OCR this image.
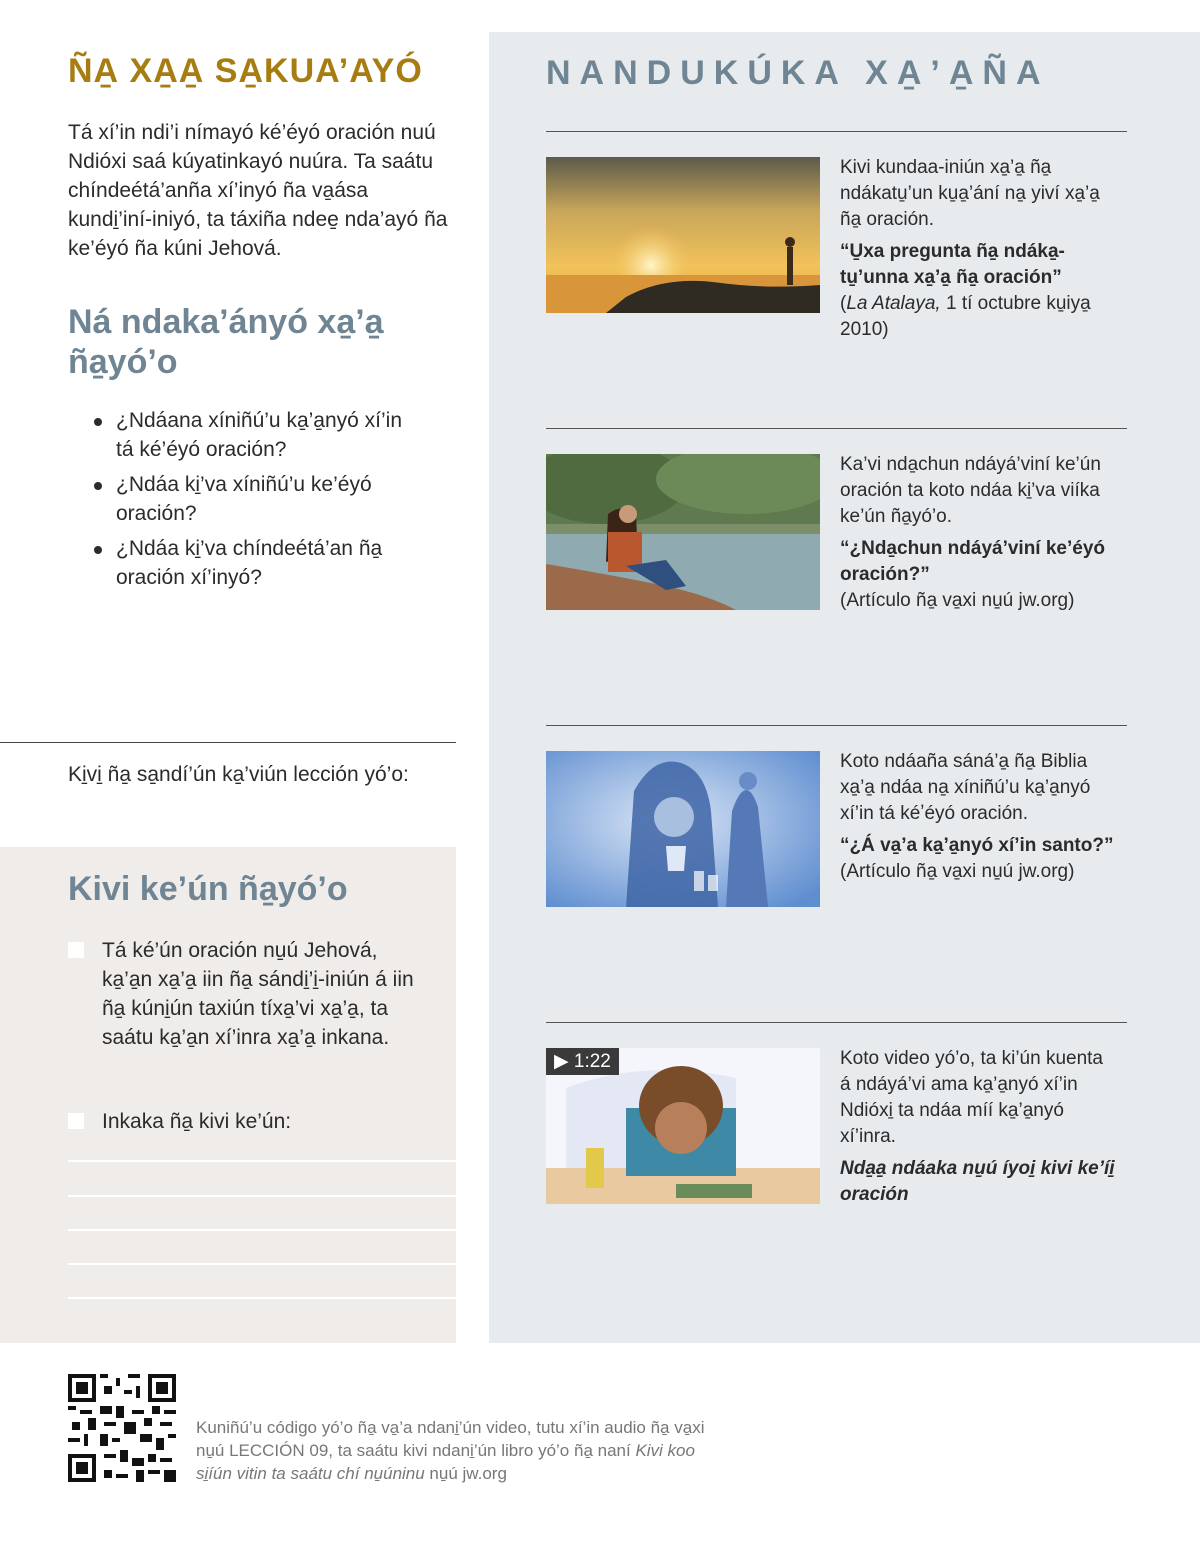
ÑA̱ XA̱A̱ SA̱KUA’AYÓ

Tá xí’in ndi’i nímayó ké’éyó oración nuú Ndióxi saá kúyatinkayó nuúra. Ta saátu chíndeétá’anña xí’inyó ña va̱ása kundi̱’iní-iniyó, ta táxiña ndee̱ nda’ayó ña ke’éyó ña kúni Jehová.

Ná ndaka’ányó xa̱’a̱ ña̱yó’o
¿Ndáana xíniñú’u ka̱’a̱nyó xí’in tá ké’éyó oración?
¿Ndáa ki̱’va xíniñú’u ke’éyó oración?
¿Ndáa ki̱’va chíndeétá’an ña̱ oración xí’inyó?

Ki̱vi̱ ña̱ sa̱ndí’ún ka̱’viún lección yó’o:

Kivi ke’ún ña̱yó’o
Tá ké’ún oración nu̱ú Jehová, ka̱’a̱n xa̱’a̱ iin ña̱ sándi̱’i̱-iniún á iin ña̱ kúni̱ún taxiún tíxa̱’vi xa̱’a̱, ta saátu ka̱’a̱n xí’inra xa̱’a̱ inkana.
Inkaka ña̱ kivi ke’ún:
NANDUKÚKA XA̱’A̱ÑA
Kivi kundaa-iniún xa̱’a̱ ña̱ ndákatu̱’un ku̱a̱’ání na̱ yiví xa̱’a̱ ña̱ oración.
“U̱xa pregunta ña̱ ndáka̱-tu̱’unna xa̱’a̱ ña̱ oración”
(La Atalaya, 1 tí octubre ku̱iya̱ 2010)
Ka’vi nda̱chun ndáyá’viní ke’ún oración ta koto ndáa ki̱’va viíka ke’ún ña̱yó’o.
“¿Nda̱chun ndáyá’viní ke’éyó oración?”
(Artículo ña̱ va̱xi nu̱ú jw.org)
Koto ndáaña sáná’a̱ ña̱ Biblia xa̱’a̱ ndáa na̱ xíniñú’u ka̱’a̱nyó xí’in tá kéʼéyó oración.
“¿Á va̱’a ka̱’a̱nyó xí’in santo?”
(Artículo ña̱ va̱xi nu̱ú jw.org)
▶ 1:22	Koto video yó’o, ta ki’ún kuenta á ndáyá’vi ama ka̱’a̱nyó xí’in Ndióxi̱ ta ndáa míí ka̱’a̱nyó xí’inra.
Nda̱a̱ ndáaka nu̱ú íyoi̱ kivi ke’íi̱ oración

Kuniñú’u código yó’o ña̱ va̱’a ndani̱’ún video, tutu xí’in audio ña̱ va̱xi nu̱ú LECCIÓN 09, ta saátu kivi ndani̱’ún libro yó’o ña̱ naní Kivi koo si̱íún vitin ta saátu chí nu̱úninu nu̱ú jw.org
